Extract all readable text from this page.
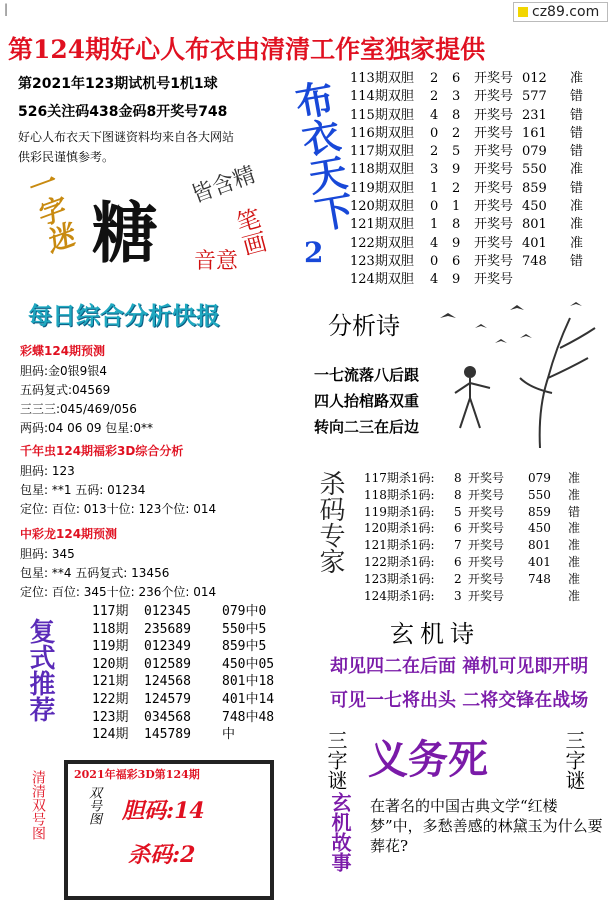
|	cz89.com
第124期好心人布衣由清清工作室独家提供
第2021年123期试机号1机1球
526关注码438金码8开奖号748
好心人布衣天下图谜资料均来自各大网站
供彩民谨慎参考。
一字迷 糖
皆含精
笔画
音意
布衣天下
2
113期双胆	2	6	开奖号 012	准
114期双胆	2	3	开奖号 577	错
115期双胆	4	8	开奖号 231	错
116期双胆	0	2	开奖号 161	错
117期双胆	2	5	开奖号 079	错
118期双胆	3	9	开奖号 550	准
119期双胆	1	2	开奖号 859	错
120期双胆	0	1	开奖号 450	准
121期双胆	1	8	开奖号 801	准
122期双胆	4	9	开奖号 401	准
123期双胆	0	6	开奖号 748	错
124期双胆	4	9	开奖号
每日综合分析快报
彩蝶124期预测
胆码:金0银9银4
五码复式:04569
三三三:045/469/056
两码:04 06 09 包星:0**
千年虫124期福彩3D综合分析
胆码: 123
包星: **1 五码: 01234
定位: 百位: 013十位: 123个位: 014
中彩龙124期预测
胆码: 345
包星: **4 五码复式: 13456
定位: 百位: 345十位: 236个位: 014
分析诗
一七流落八后跟
四人抬棺路双重
转向二三在后边
杀码专家	117期杀1码:	8 开奖号	079	准
118期杀1码:	8 开奖号	550	准
119期杀1码:	5 开奖号	859	错
120期杀1码:	6 开奖号	450	准
121期杀1码:	7 开奖号	801	准
122期杀1码:	6 开奖号	401	准
123期杀1码:	2 开奖号	748	准
124期杀1码:	3 开奖号	准
复式推荐
117期	012345	079中0
118期	235689	550中5
119期	012349	859中5
120期	012589	450中05
121期	124568	801中18
122期	124579	401中14
123期	034568	748中48
124期	145789	中
玄机诗
却见四二在后面 禅机可见即开明
可见一七将出头 二将交锋在战场
清清双号图	2021年福彩3D第124期
双号图 胆码:14
杀码:2
三字谜 义务死	三字谜
玄机故事 在著名的中国古典文学“红楼梦”中，多愁善感的林黛玉为什么要葬花?
